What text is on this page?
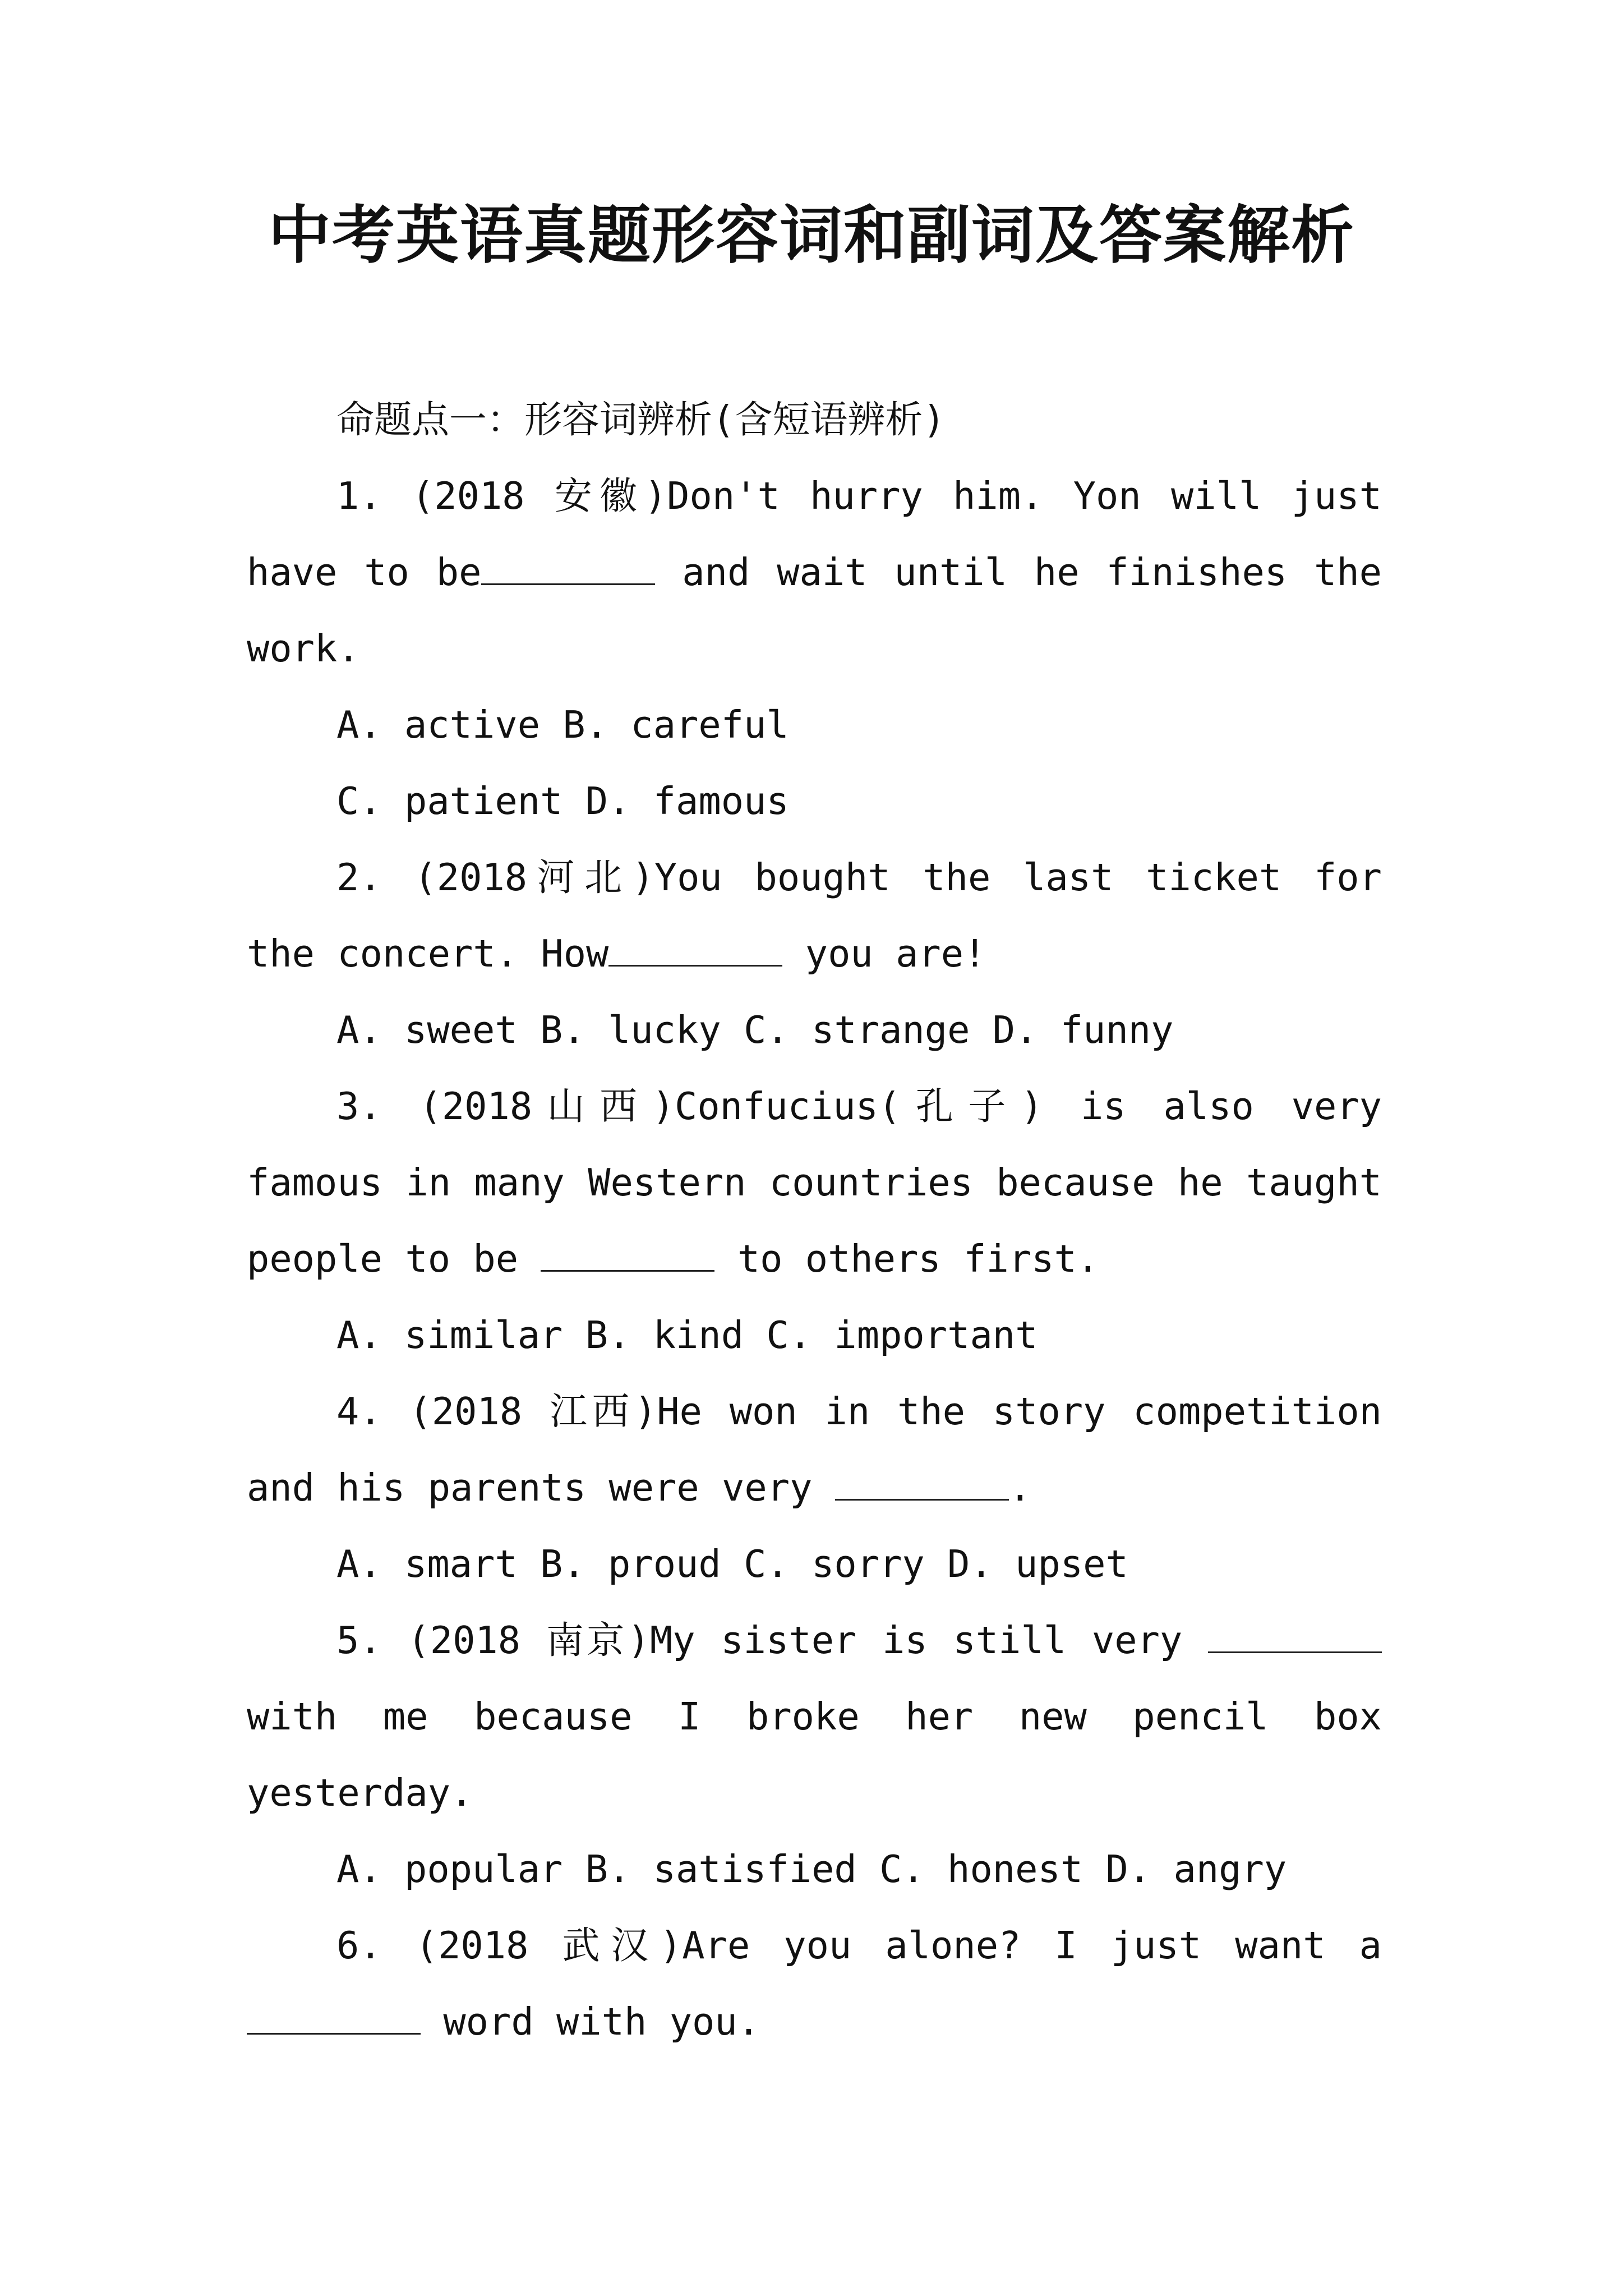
中考英语真题形容词和副词及答案解析

命题点一：形容词辨析(含短语辨析)

1. (2018 安徽)Don't hurry him. Yon will just have to be	and wait until he finishes the work.

A. active B. careful

C. patient D. famous

2. (2018河北)You bought the last ticket for the concert. How	you are!

A. sweet B. lucky C. strange D. funny

3. (2018山西)Confucius(孔子) is also very famous in many Western countries because he taught people to be	to others first.

A. similar B. kind C. important

4. (2018 江西)He won in the story competition and his parents were very	.

A. smart B. proud C. sorry D. upset

5. (2018 南京)My sister is still very  with me because I broke her new pencil box yesterday.

A. popular B. satisfied C. honest D. angry

6. (2018 武汉)Are you alone? I just want a  word with you.
